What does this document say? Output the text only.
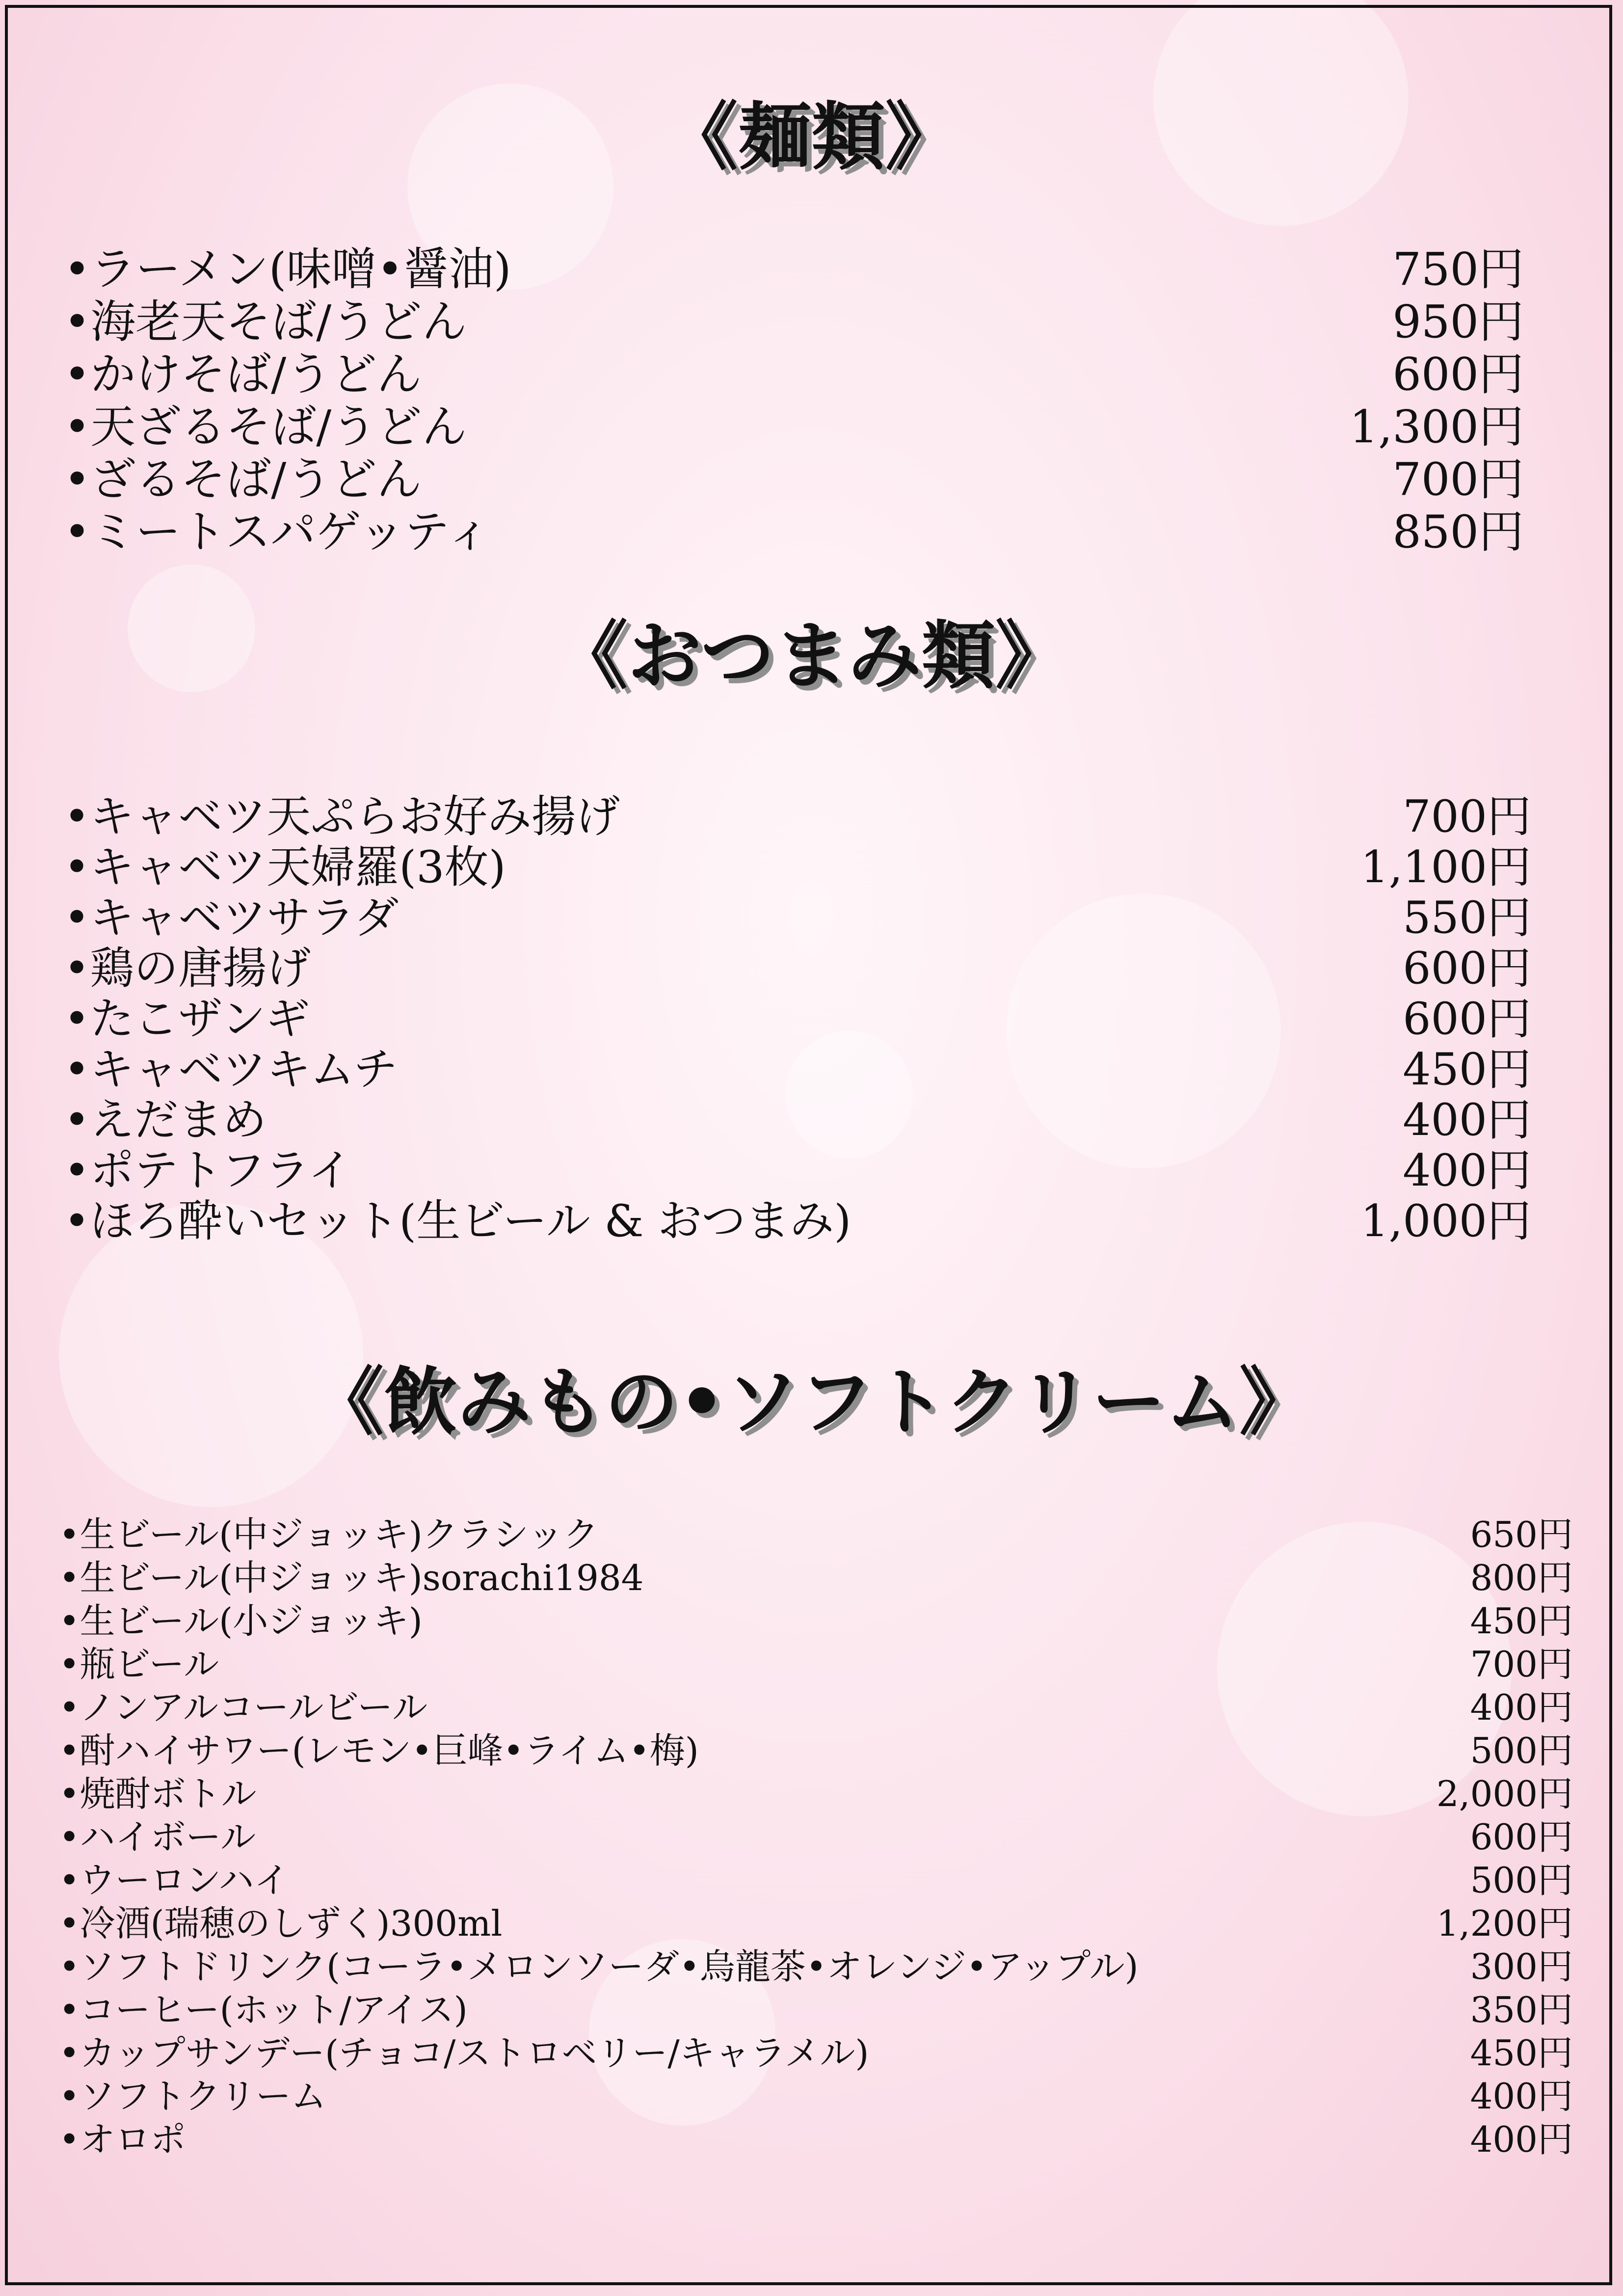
《麺類》
•ラーメン(味噌•醤油)	750円
•海老天そば/うどん	950円
•かけそば/うどん	600円
•天ざるそば/うどん	1,300円
•ざるそば/うどん	700円
•ミートスパゲッティ	850円
《おつまみ類》
•キャベツ天ぷらお好み揚げ	700円
•キャベツ天婦羅(3枚)	1,100円
•キャベツサラダ	550円
•鶏の唐揚げ	600円
•たこザンギ	600円
•キャベツキムチ	450円
•えだまめ	400円
•ポテトフライ	400円
•ほろ酔いセット(生ビール & おつまみ)	1,000円
《飲みもの•ソフトクリーム》
•生ビール(中ジョッキ)クラシック	650円
•生ビール(中ジョッキ)sorachi1984	800円
•生ビール(小ジョッキ)	450円
•瓶ビール	700円
•ノンアルコールビール	400円
•酎ハイサワー(レモン•巨峰•ライム•梅)	500円
•焼酎ボトル	2,000円
•ハイボール	600円
•ウーロンハイ	500円
•冷酒(瑞穂のしずく)300ml	1,200円
•ソフトドリンク(コーラ•メロンソーダ•烏龍茶•オレンジ•アップル)	300円
•コーヒー(ホット/アイス)	350円
•カップサンデー(チョコ/ストロベリー/キャラメル)	450円
•ソフトクリーム	400円
•オロポ	400円
